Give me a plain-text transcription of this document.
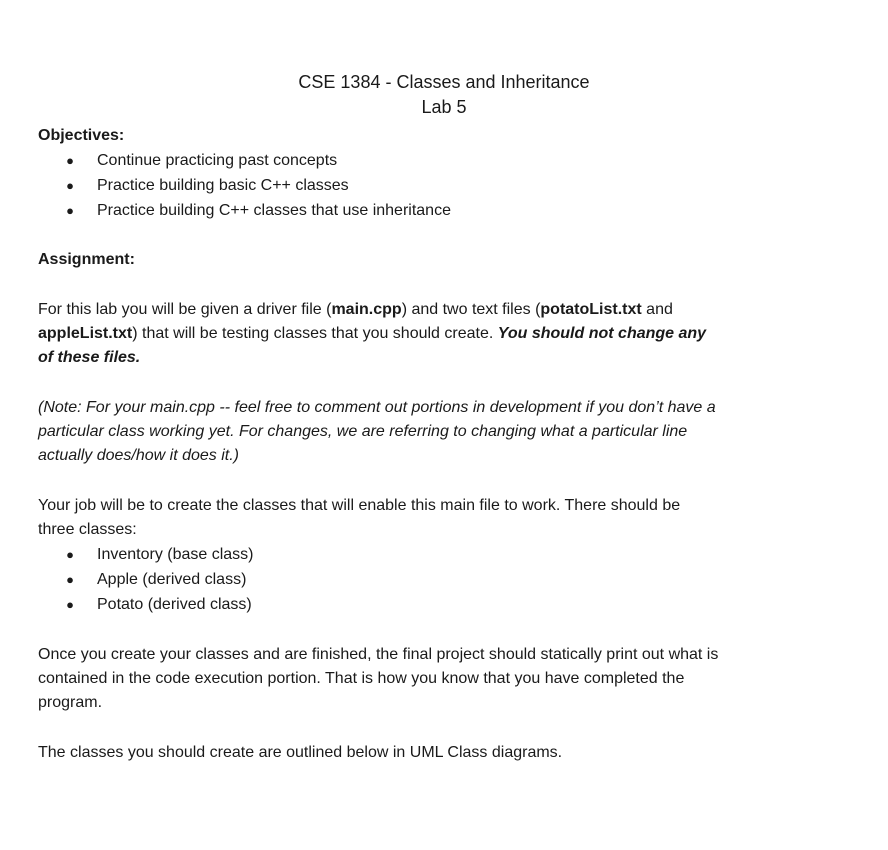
CSE 1384 - Classes and Inheritance
Lab 5
Objectives:
● Continue practicing past concepts
● Practice building basic C++ classes
● Practice building C++ classes that use inheritance
Assignment:
For this lab you will be given a driver file (main.cpp) and two text files (potatoList.txt and
appleList.txt) that will be testing classes that you should create. You should not change any
of these files.
(Note: For your main.cpp -- feel free to comment out portions in development if you don’t have a
particular class working yet. For changes, we are referring to changing what a particular line
actually does/how it does it.)
Your job will be to create the classes that will enable this main file to work. There should be
three classes:
● Inventory (base class)
● Apple (derived class)
● Potato (derived class)
Once you create your classes and are finished, the final project should statically print out what is
contained in the code execution portion. That is how you know that you have completed the
program.
The classes you should create are outlined below in UML Class diagrams.
